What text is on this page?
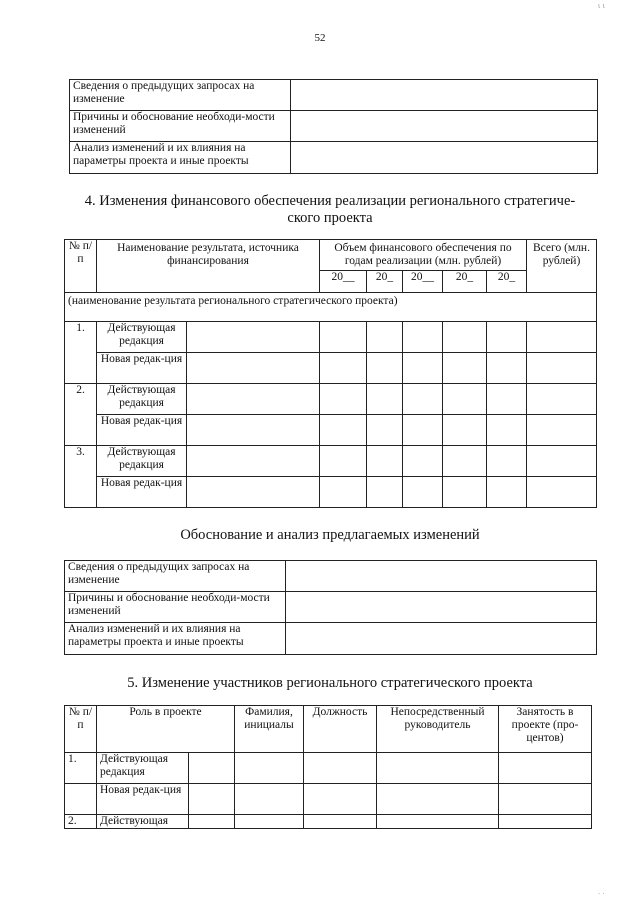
52
ι ι
· ·
Сведения о предыдущих запросах на изменение	
Причины и обоснование необходи-мости изменений	
Анализ изменений и их влияния на параметры проекта и иные проекты	
4. Изменения финансового обеспечения реализации регионального стратегиче-
ского проекта
№ п/п	Наименование результата, источника финансирования		Объем финансового обеспечения по годам реализации (млн. рублей)					Всего (млн. рублей)
			20__	20_	20__	20_	20_	
(наименование результата регионального стратегического проекта)								
1.	Действующая редакция							
	Новая редак-ция							
2.	Действующая редакция							
	Новая редак-ция							
3.	Действующая редакция							
	Новая редак-ция							
Обоснование и анализ предлагаемых изменений
Сведения о предыдущих запросах на изменение	
Причины и обоснование необходи-мости изменений	
Анализ изменений и их влияния на параметры проекта и иные проекты	
5. Изменение участников регионального стратегического проекта
№ п/п	Роль в проекте		Фамилия, инициалы	Должность	Непосредственный руководитель	Занятость в проекте (про-центов)
1.	Действующая редакция					
	Новая редак-ция					
2.	Действующая					
